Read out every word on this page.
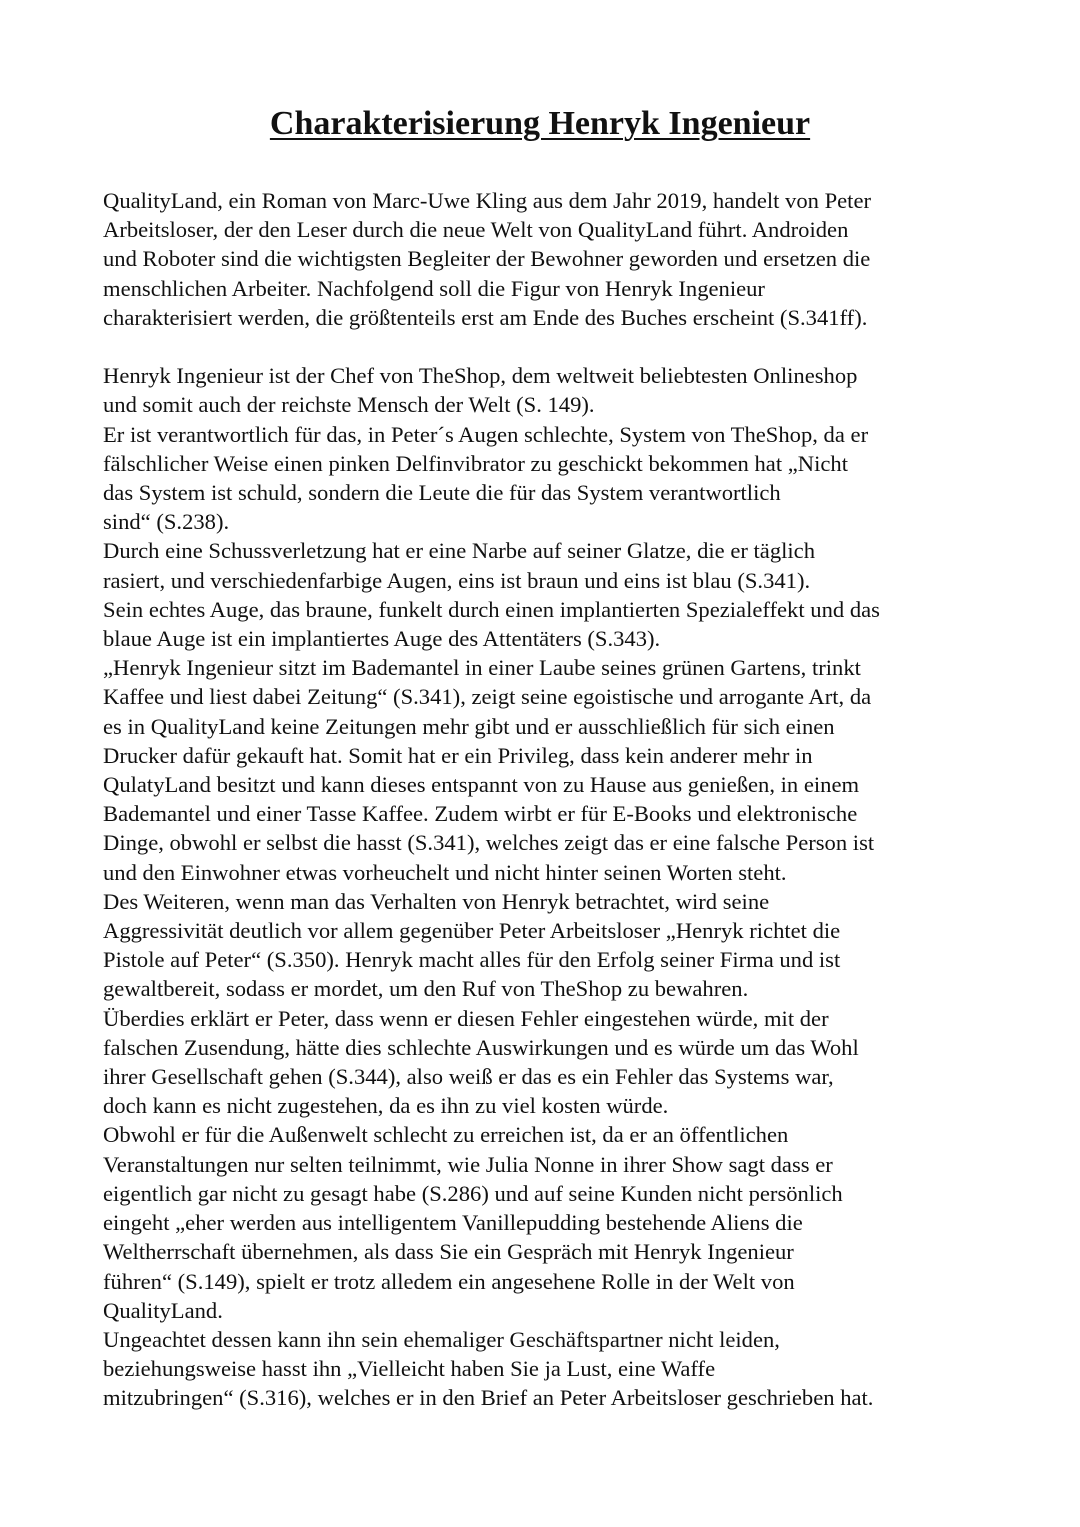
Charakterisierung Henryk Ingenieur
QualityLand, ein Roman von Marc-Uwe Kling aus dem Jahr 2019, handelt von Peter
Arbeitsloser, der den Leser durch die neue Welt von QualityLand führt. Androiden
und Roboter sind die wichtigsten Begleiter der Bewohner geworden und ersetzen die
menschlichen Arbeiter. Nachfolgend soll die Figur von Henryk Ingenieur
charakterisiert werden, die größtenteils erst am Ende des Buches erscheint (S.341ff).
Henryk Ingenieur ist der Chef von TheShop, dem weltweit beliebtesten Onlineshop
und somit auch der reichste Mensch der Welt (S. 149).
Er ist verantwortlich für das, in Peter´s Augen schlechte, System von TheShop, da er
fälschlicher Weise einen pinken Delfinvibrator zu geschickt bekommen hat „Nicht
das System ist schuld, sondern die Leute die für das System verantwortlich
sind“ (S.238).
Durch eine Schussverletzung hat er eine Narbe auf seiner Glatze, die er täglich
rasiert, und verschiedenfarbige Augen, eins ist braun und eins ist blau (S.341).
Sein echtes Auge, das braune, funkelt durch einen implantierten Spezialeffekt und das
blaue Auge ist ein implantiertes Auge des Attentäters (S.343).
„Henryk Ingenieur sitzt im Bademantel in einer Laube seines grünen Gartens, trinkt
Kaffee und liest dabei Zeitung“ (S.341), zeigt seine egoistische und arrogante Art, da
es in QualityLand keine Zeitungen mehr gibt und er ausschließlich für sich einen
Drucker dafür gekauft hat. Somit hat er ein Privileg, dass kein anderer mehr in
QulatyLand besitzt und kann dieses entspannt von zu Hause aus genießen, in einem
Bademantel und einer Tasse Kaffee. Zudem wirbt er für E-Books und elektronische
Dinge, obwohl er selbst die hasst (S.341), welches zeigt das er eine falsche Person ist
und den Einwohner etwas vorheuchelt und nicht hinter seinen Worten steht.
Des Weiteren, wenn man das Verhalten von Henryk betrachtet, wird seine
Aggressivität deutlich vor allem gegenüber Peter Arbeitsloser „Henryk richtet die
Pistole auf Peter“ (S.350). Henryk macht alles für den Erfolg seiner Firma und ist
gewaltbereit, sodass er mordet, um den Ruf von TheShop zu bewahren.
Überdies erklärt er Peter, dass wenn er diesen Fehler eingestehen würde, mit der
falschen Zusendung, hätte dies schlechte Auswirkungen und es würde um das Wohl
ihrer Gesellschaft gehen (S.344), also weiß er das es ein Fehler das Systems war,
doch kann es nicht zugestehen, da es ihn zu viel kosten würde.
Obwohl er für die Außenwelt schlecht zu erreichen ist, da er an öffentlichen
Veranstaltungen nur selten teilnimmt, wie Julia Nonne in ihrer Show sagt dass er
eigentlich gar nicht zu gesagt habe (S.286) und auf seine Kunden nicht persönlich
eingeht „eher werden aus intelligentem Vanillepudding bestehende Aliens die
Weltherrschaft übernehmen, als dass Sie ein Gespräch mit Henryk Ingenieur
führen“ (S.149), spielt er trotz alledem ein angesehene Rolle in der Welt von
QualityLand.
Ungeachtet dessen kann ihn sein ehemaliger Geschäftspartner nicht leiden,
beziehungsweise hasst ihn „Vielleicht haben Sie ja Lust, eine Waffe
mitzubringen“ (S.316), welches er in den Brief an Peter Arbeitsloser geschrieben hat.
